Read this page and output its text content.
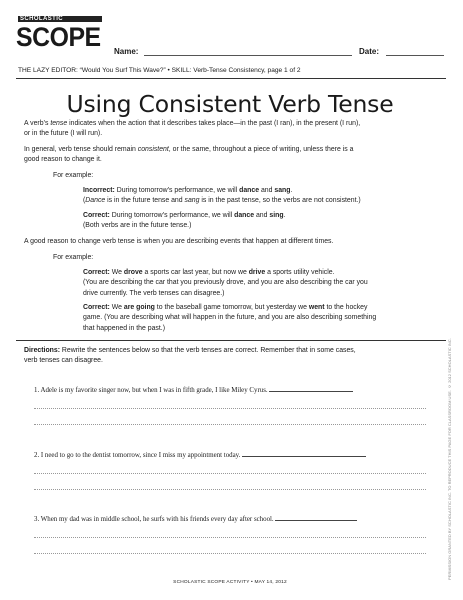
SCHOLASTIC
SCOPE Name:	Date:
THE LAZY EDITOR: “Would You Surf This Wave?” • SKILL: Verb-Tense Consistency, page 1 of 2
Using Consistent Verb Tense
A verb’s tense indicates when the action that it describes takes place—in the past (I ran), in the present (I run),
or in the future (I will run).
In general, verb tense should remain consistent, or the same, throughout a piece of writing, unless there is a
good reason to change it.
For example:
Incorrect: During tomorrow’s performance, we will dance and sang.
(Dance is in the future tense and sang is in the past tense, so the verbs are not consistent.)
Correct: During tomorrow’s performance, we will dance and sing.
(Both verbs are in the future tense.)
A good reason to change verb tense is when you are describing events that happen at different times.
For example:
Correct: We drove a sports car last year, but now we drive a sports utility vehicle.
(You are describing the car that you previously drove, and you are also describing the car you
drive currently. The verb tenses can disagree.)
Correct: We are going to the baseball game tomorrow, but yesterday we went to the hockey
game. (You are describing what will happen in the future, and you are also describing something
that happened in the past.)
Directions: Rewrite the sentences below so that the verb tenses are correct. Remember that in some cases,
verb tenses can disagree.
1. Adele is my favorite singer now, but when I was in fifth grade, I like Miley Cyrus.
2. I need to go to the dentist tomorrow, since I miss my appointment today.
3. When my dad was in middle school, he surfs with his friends every day after school.
SCHOLASTIC SCOPE ACTIVITY • MAY 14, 2012
PERMISSION GRANTED BY SCHOLASTIC INC. TO REPRODUCE THIS PAGE FOR CLASSROOM USE. © 2012 SCHOLASTIC INC.
